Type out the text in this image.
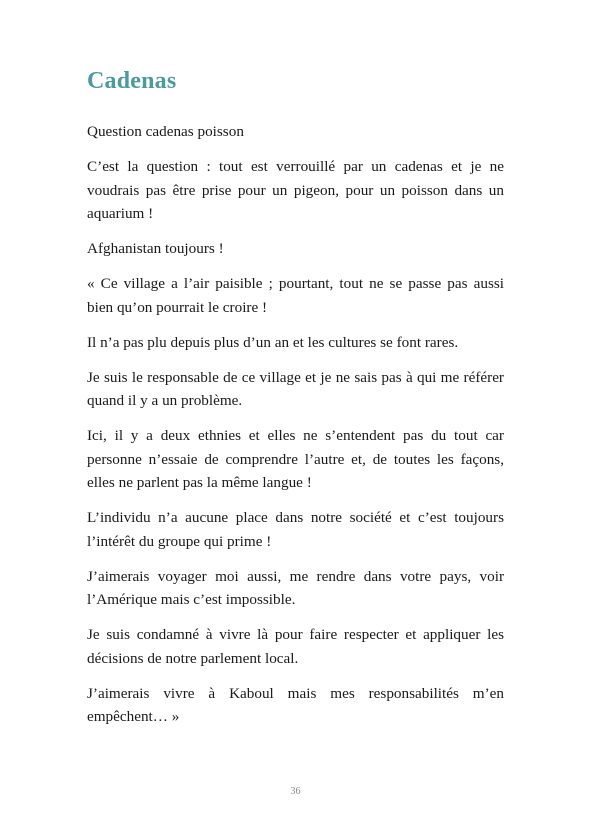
Cadenas

Question cadenas poisson

C’est la question : tout est verrouillé par un cadenas et je ne voudrais pas être prise pour un pigeon, pour un poisson dans un aquarium !

Afghanistan toujours !

« Ce village a l’air paisible ; pourtant, tout ne se passe pas aussi bien qu’on pourrait le croire !

Il n’a pas plu depuis plus d’un an et les cultures se font rares.

Je suis le responsable de ce village et je ne sais pas à qui me référer quand il y a un problème.

Ici, il y a deux ethnies et elles ne s’entendent pas du tout car personne n’essaie de comprendre l’autre et, de toutes les façons, elles ne parlent pas la même langue !

L’individu n’a aucune place dans notre société et c’est toujours l’intérêt du groupe qui prime !

J’aimerais voyager moi aussi, me rendre dans votre pays, voir l’Amérique mais c’est impossible.

Je suis condamné à vivre là pour faire respecter et appliquer les décisions de notre parlement local.

J’aimerais vivre à Kaboul mais mes responsabilités m’en empêchent… »

36
